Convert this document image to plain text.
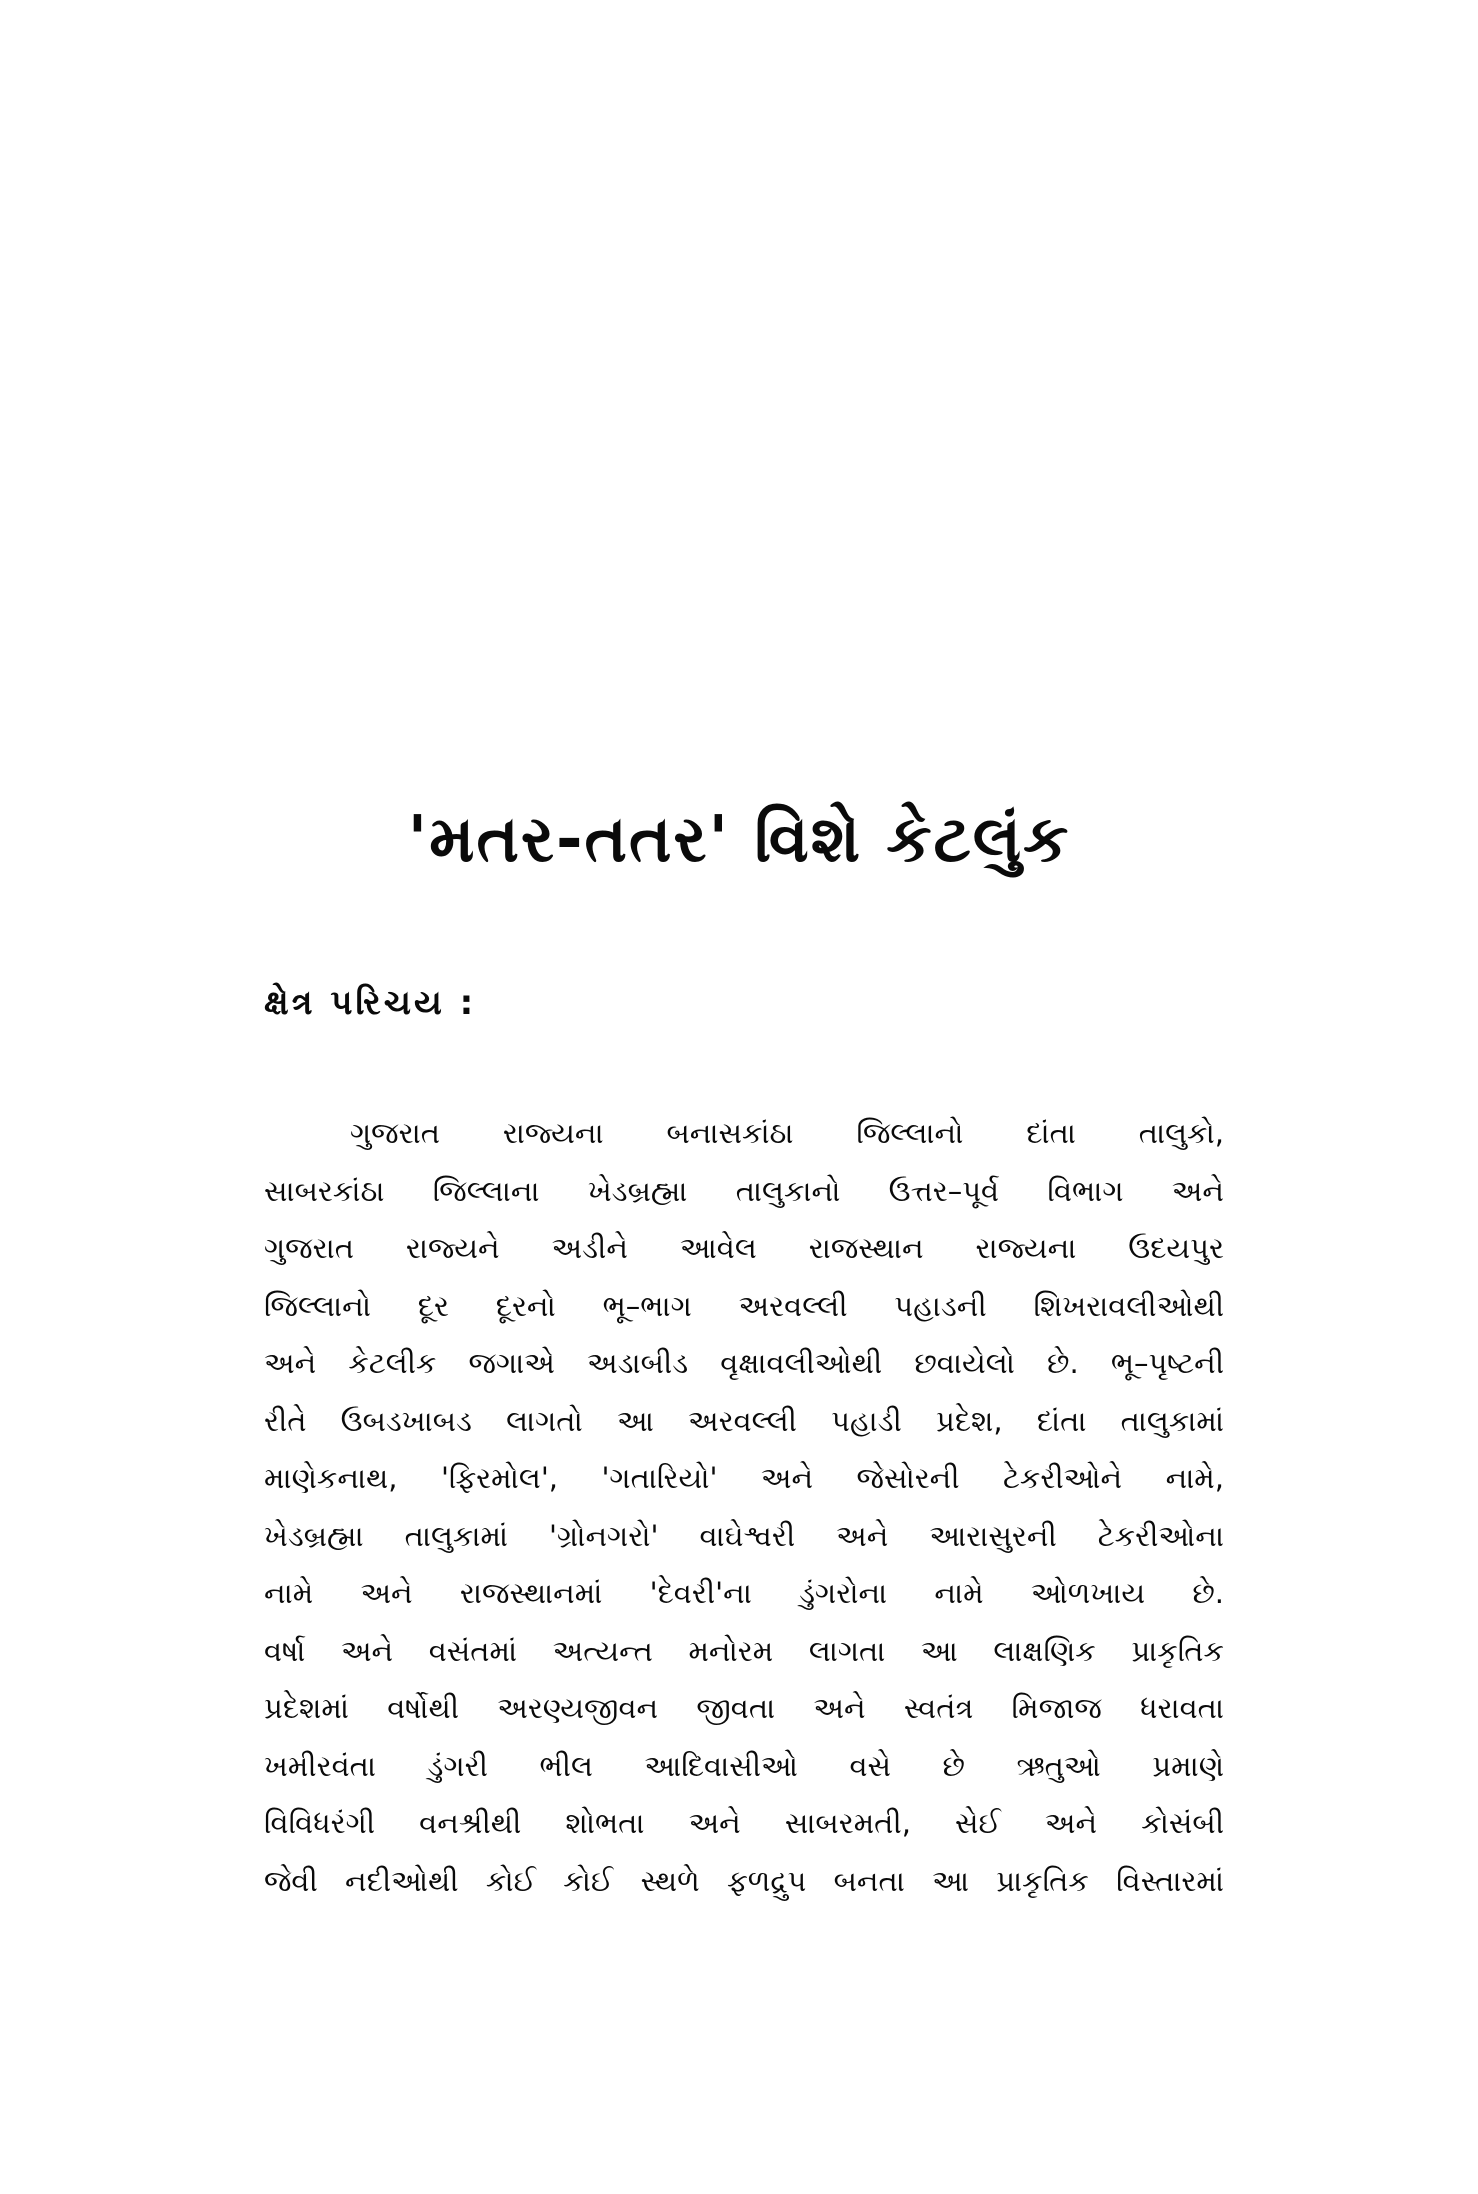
'મતર-તતર' વિશે કેટલુંક
ક્ષેત્ર પરિચય :
ગુજરાત રાજ્યના બનાસકાંઠા જિલ્લાનો દાંતા તાલુકો,
સાબરકાંઠા જિલ્લાના ખેડબ્રહ્મા તાલુકાનો ઉત્તર–પૂર્વ વિભાગ અને
ગુજરાત રાજ્યને અડીને આવેલ રાજસ્થાન રાજ્યના ઉદયપુર
જિલ્લાનો દૂર દૂરનો ભૂ–ભાગ અરવલ્લી પહાડની શિખરાવલીઓથી
અને કેટલીક જગાએ અડાબીડ વૃક્ષાવલીઓથી છવાયેલો છે. ભૂ–પૃષ્ટની
રીતે ઉબડખાબડ લાગતો આ અરવલ્લી પહાડી પ્રદેશ, દાંતા તાલુકામાં
માણેકનાથ, 'ફિરમોલ', 'ગતારિયો' અને જેસોરની ટેકરીઓને નામે,
ખેડબ્રહ્મા તાલુકામાં 'ગ્રોનગરો' વાઘેશ્વરી અને આરાસુરની ટેકરીઓના
નામે અને રાજસ્થાનમાં 'દેવરી'ના ડુંગરોના નામે ઓળખાય છે.
વર્ષા અને વસંતમાં અત્યન્ત મનોરમ લાગતા આ લાક્ષણિક પ્રાકૃતિક
પ્રદેશમાં વર્ષોથી અરણ્યજીવન જીવતા અને સ્વતંત્ર મિજાજ ધરાવતા
ખમીરવંતા ડુંગરી ભીલ આદિવાસીઓ વસે છે ઋતુઓ પ્રમાણે
વિવિધરંગી વનશ્રીથી શોભતા અને સાબરમતી, સેઈ અને કોસંબી
જેવી નદીઓથી કોઈ કોઈ સ્થળે ફળદ્રુપ બનતા આ પ્રાકૃતિક વિસ્તારમાં
